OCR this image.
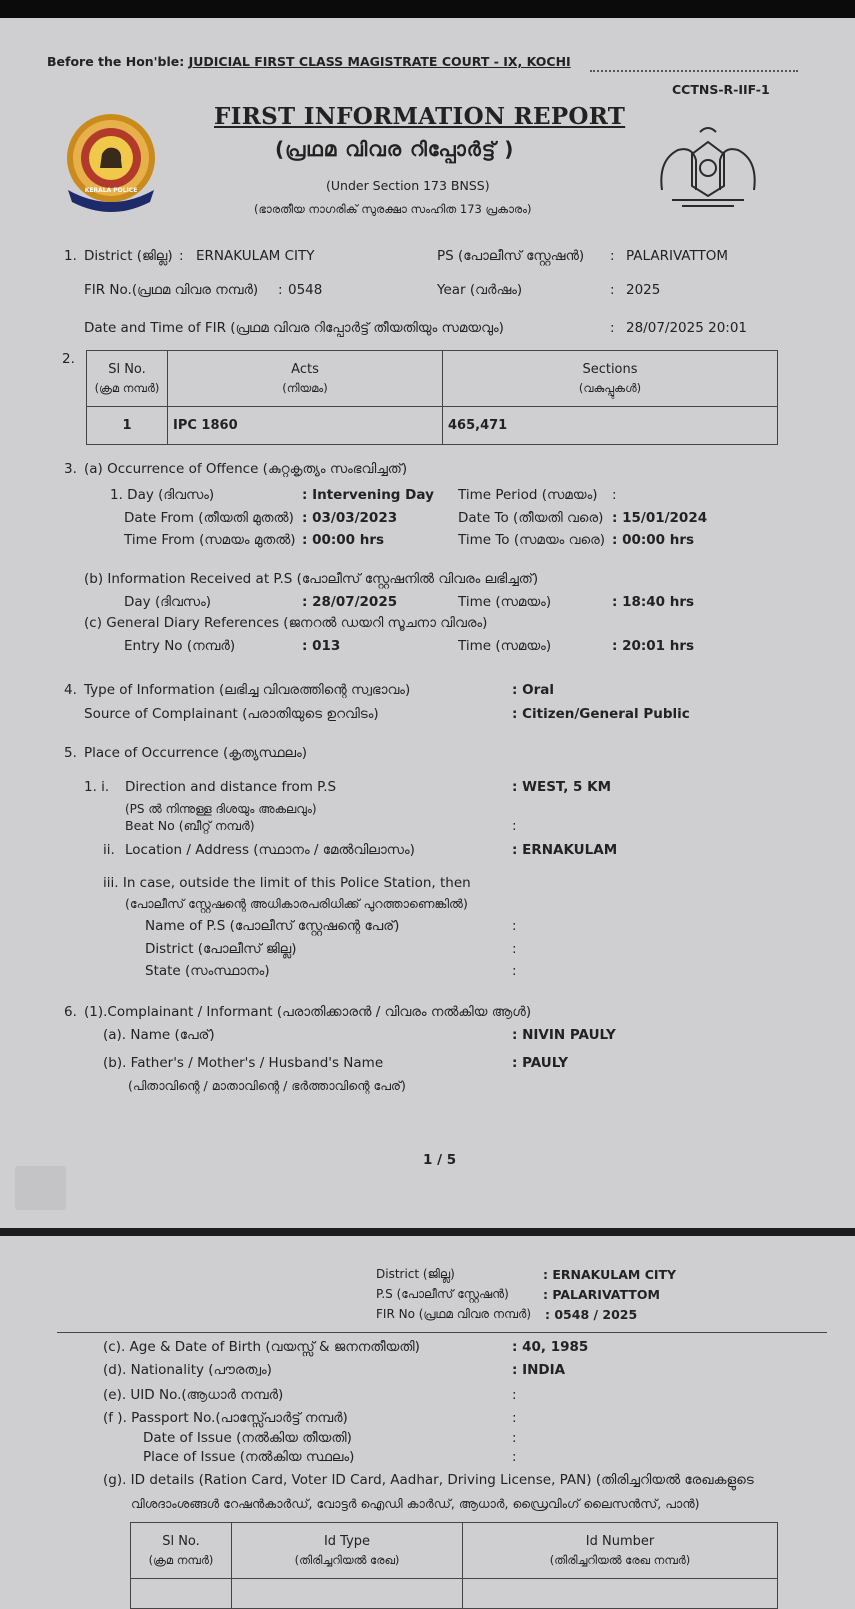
Before the Hon'ble: JUDICIAL FIRST CLASS MAGISTRATE COURT - IX, KOCHI
CCTNS-R-IIF-1
KERALA POLICE
FIRST INFORMATION REPORT
(പ്രഥമ വിവര റിപ്പോർട്ട് )
(Under Section 173 BNSS)
(ഭാരതീയ നാഗരിക് സുരക്ഷാ സംഹിത 173 പ്രകാരം)
1. District (ജില്ല) : ERNAKULAM CITY	PS (പോലീസ് സ്റ്റേഷൻ) : PALARIVATTOM
FIR No.(പ്രഥമ വിവര നമ്പർ) : 0548	Year (വർഷം)	: 2025
Date and Time of FIR (പ്രഥമ വിവര റിപ്പോർട്ട് തീയതിയും സമയവും)	: 28/07/2025 20:01
2.
Sl No.
(ക്രമ നമ്പർ)

Acts
(നിയമം)

Sections
(വകുപ്പുകൾ)

1	IPC 1860	465,471
3. (a) Occurrence of Offence (കുറ്റകൃത്യം സംഭവിച്ചത്)
1. Day (ദിവസം)	: Intervening Day Time Period (സമയം) :
Date From (തീയതി മുതൽ) : 03/03/2023	Date To (തീയതി വരെ) : 15/01/2024
Time From (സമയം മുതൽ) : 00:00 hrs	Time To (സമയം വരെ) : 00:00 hrs
(b) Information Received at P.S (പോലീസ് സ്റ്റേഷനിൽ വിവരം ലഭിച്ചത്)
Day (ദിവസം)	: 28/07/2025	Time (സമയം)	: 18:40 hrs
(c) General Diary References (ജനറൽ ഡയറി സൂചനാ വിവരം)
Entry No (നമ്പർ)	: 013	Time (സമയം)	: 20:01 hrs
4. Type of Information (ലഭിച്ച വിവരത്തിന്റെ സ്വഭാവം)	: Oral
Source of Complainant (പരാതിയുടെ ഉറവിടം)	: Citizen/General Public
5. Place of Occurrence (കൃത്യസ്ഥലം)
1. i. Direction and distance from P.S
(PS ൽ നിന്നുള്ള ദിശയും അകലവും)
: WEST, 5 KM
Beat No (ബീറ്റ് നമ്പർ)	:
ii. Location / Address (സ്ഥാനം / മേൽവിലാസം)	: ERNAKULAM
iii. In case, outside the limit of this Police Station, then
(പോലീസ് സ്റ്റേഷന്റെ അധികാരപരിധിക്ക് പുറത്താണെങ്കിൽ)
Name of P.S (പോലീസ് സ്റ്റേഷന്റെ പേര്)	:
District (പോലീസ് ജില്ല)	:
State (സംസ്ഥാനം)	:
6. (1).Complainant / Informant (പരാതിക്കാരൻ / വിവരം നൽകിയ ആൾ)
(a). Name (പേര്)	: NIVIN PAULY
(b). Father's / Mother's / Husband's Name	: PAULY
(പിതാവിന്റെ / മാതാവിന്റെ / ഭർത്താവിന്റെ പേര്)
1 / 5
District (ജില്ല)	: ERNAKULAM CITY
P.S (പോലീസ് സ്റ്റേഷൻ)	: PALARIVATTOM
FIR No (പ്രഥമ വിവര നമ്പർ) : 0548 / 2025
(c). Age & Date of Birth (വയസ്സ് & ജനനതീയതി)	: 40, 1985
(d). Nationality (പൗരത്വം)	: INDIA
(e). UID No.(ആധാർ നമ്പർ)	:
(f ). Passport No.(പാസ്സ്പോർട്ട് നമ്പർ)	:
Date of Issue (നൽകിയ തീയതി)	:
Place of Issue (നൽകിയ സ്ഥലം)	:
(g). ID details (Ration Card, Voter ID Card, Aadhar, Driving License, PAN) (തിരിച്ചറിയൽ രേഖകളുടെ
വിശദാംശങ്ങൾ റേഷൻകാർഡ്, വോട്ടർ ഐഡി കാർഡ്, ആധാർ, ഡ്രൈവിംഗ് ലൈസൻസ്, പാൻ)
Sl No.
(ക്രമ നമ്പർ)

Id Type
(തിരിച്ചറിയൽ രേഖ)

Id Number
(തിരിച്ചറിയൽ രേഖ നമ്പർ)
